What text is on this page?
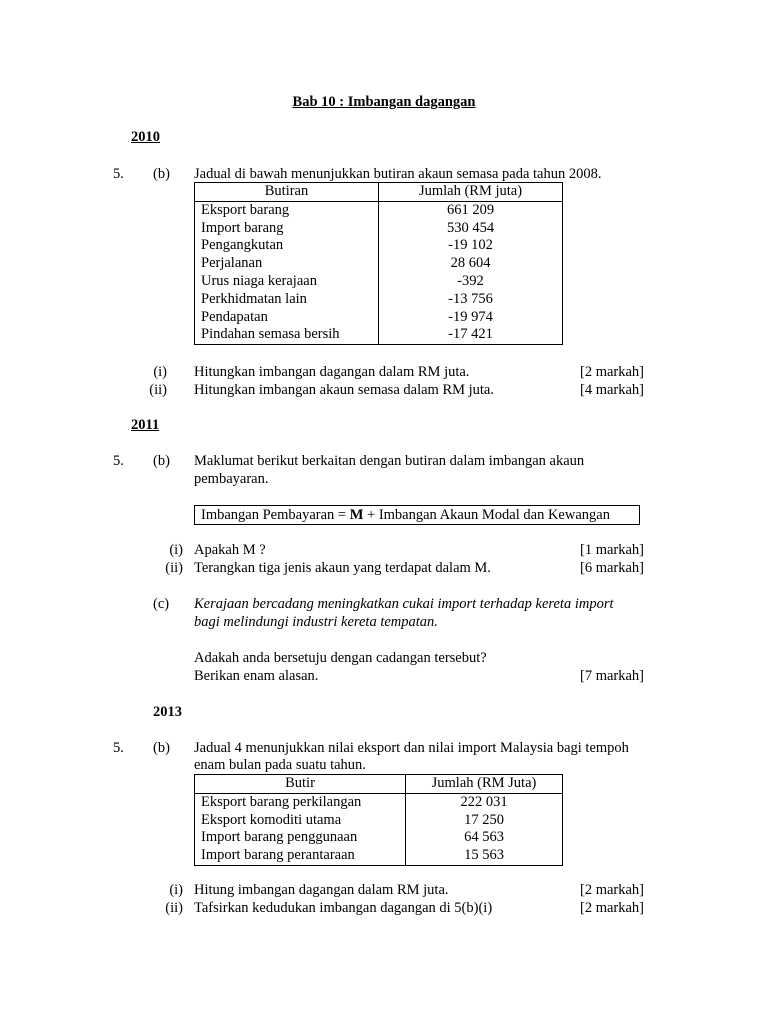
Bab 10 : Imbangan dagangan
2010
5. (b) Jadual di bawah menunjukkan butiran akaun semasa pada tahun 2008.
Butiran	Jumlah (RM juta)
Eksport barang	661 209
Import barang	530 454
Pengangkutan	-19 102
Perjalanan	28 604
Urus niaga kerajaan	-392
Perkhidmatan lain	-13 756
Pendapatan	-19 974
Pindahan semasa bersih	-17 421
(i) Hitungkan imbangan dagangan dalam RM juta.	[2 markah]
(ii) Hitungkan imbangan akaun semasa dalam RM juta.	[4 markah]
2011
5. (b) Maklumat berikut berkaitan dengan butiran dalam imbangan akaun
pembayaran.
Imbangan Pembayaran = M + Imbangan Akaun Modal dan Kewangan
(i) Apakah M ?	[1 markah]
(ii) Terangkan tiga jenis akaun yang terdapat dalam M.	[6 markah]
(c) Kerajaan bercadang meningkatkan cukai import terhadap kereta import
bagi melindungi industri kereta tempatan.
Adakah anda bersetuju dengan cadangan tersebut?
Berikan enam alasan.	[7 markah]
2013
5. (b) Jadual 4 menunjukkan nilai eksport dan nilai import Malaysia bagi tempoh
enam bulan pada suatu tahun.
Butir	Jumlah (RM Juta)
Eksport barang perkilangan	222 031
Eksport komoditi utama	17 250
Import barang penggunaan	64 563
Import barang perantaraan	15 563
(i) Hitung imbangan dagangan dalam RM juta.	[2 markah]
(ii) Tafsirkan kedudukan imbangan dagangan di 5(b)(i)	[2 markah]
